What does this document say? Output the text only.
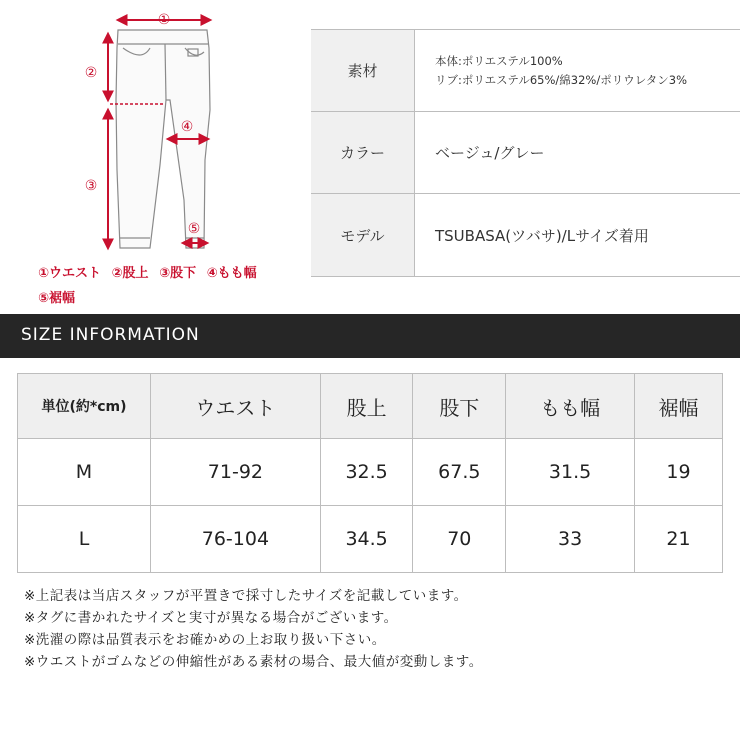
①
②
③
④
⑤
①ウエスト ②股上 ③股下 ④もも幅
⑤裾幅
素材	本体:ポリエステル100%
リブ:ポリエステル65%/綿32%/ポリウレタン3%

カラー	ベージュ/グレー
モデル	TSUBASA(ツバサ)/Lサイズ着用
SIZE INFORMATION
単位(約*cm)	ウエスト	股上	股下	もも幅	裾幅
M	71-92	32.5	67.5	31.5	19
L	76-104	34.5	70	33	21
※上記表は当店スタッフが平置きで採寸したサイズを記載しています。
※タグに書かれたサイズと実寸が異なる場合がございます。
※洗濯の際は品質表示をお確かめの上お取り扱い下さい。
※ウエストがゴムなどの伸縮性がある素材の場合、最大値が変動します。
